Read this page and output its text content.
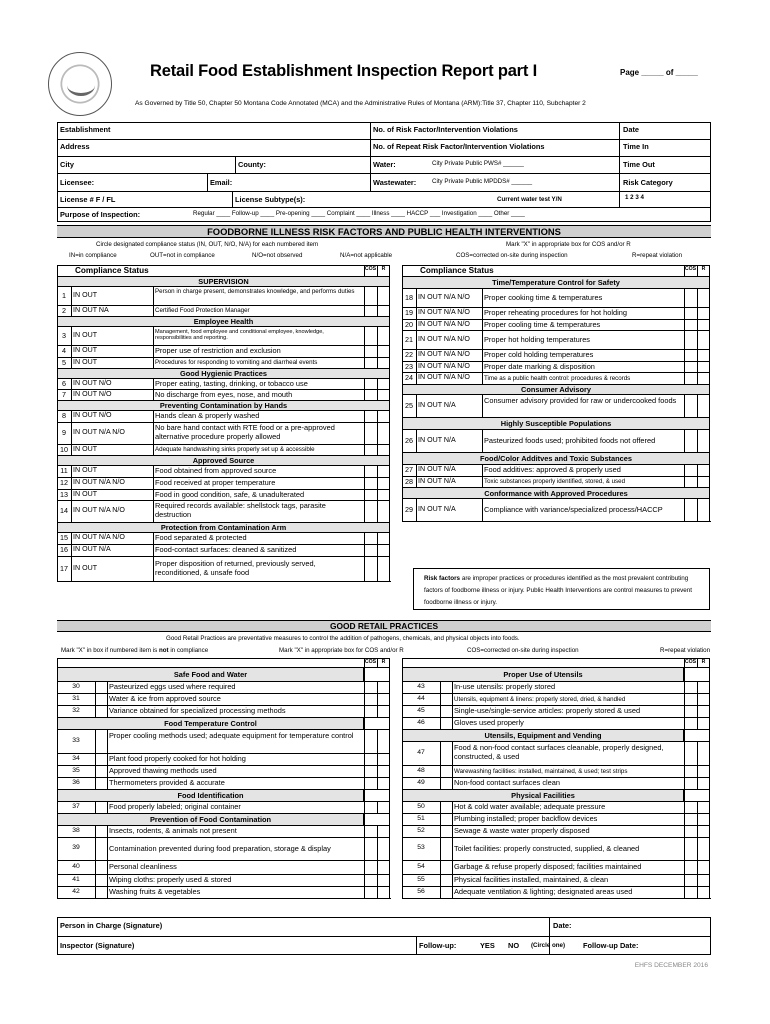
Retail Food Establishment Inspection Report part I	Page _____ of _____
As Governed by Title 50, Chapter 50 Montana Code Annotated (MCA) and the Administrative Rules of Montana (ARM):Title 37, Chapter 110, Subchapter 2
Establishment	No. of Risk Factor/Intervention Violations	Date
Address	No. of Repeat Risk Factor/Intervention Violations	Time In
City	County:	Water:	City Private Public PWS# ______	Time Out
Licensee:	Email:	Wastewater:	City Private Public MPDDS# ______	Risk Category
1 2 3 4
License # F / FL	License Subtype(s):	Current water test Y/N
Purpose of Inspection:	Regular ____ Follow-up ____ Pre-opening ____ Complaint ____ Illness ____ HACCP ___ Investigation ____ Other ____
FOODBORNE ILLNESS RISK FACTORS AND PUBLIC HEALTH INTERVENTIONS
Circle designated compliance status (IN, OUT, N/O, N/A) for each numbered item	Mark "X" in appropriate box for COS and/or R
IN=in compliance	OUT=not in compliance	N/O=not observed	N/A=not applicable	COS=corrected on-site during inspection	R=repeat violation
Compliance Status	COS	R
SUPERVISION
1 IN OUT	Person in charge present, demonstrates knowledge, and performs duties
2 IN OUT NA	Certified Food Protection Manager
Employee Health
3 IN OUT	Management, food employee and conditional employee, knowledge, responsibilities and reporting.
4 IN OUT	Proper use of restriction and exclusion
5 IN OUT	Procedures for responding to vomiting and diarrheal events
Good Hygienic Practices
6 IN OUT N/O	Proper eating, tasting, drinking, or tobacco use
7 IN OUT N/O	No discharge from eyes, nose, and mouth
Preventing Contamination by Hands
8 IN OUT N/O	Hands clean & properly washed
9 IN OUT N/A N/O	No bare hand contact with RTE food or a pre-approved alternative procedure properly allowed
10 IN OUT	Adequate handwashing sinks properly set up & accessible
Approved Source
11 IN OUT	Food obtained from approved source
12 IN OUT N/A N/O	Food received at proper temperature
13 IN OUT	Food in good condition, safe, & unadulterated
14 IN OUT N/A N/O	Required records available: shellstock tags, parasite destruction
Protection from Contamination Arm
15 IN OUT N/A N/O	Food separated & protected
16 IN OUT N/A	Food-contact surfaces: cleaned & sanitized
17 IN OUT	Proper disposition of returned, previously served, reconditioned, & unsafe food
Compliance Status	COS	R
Time/Temperature Control for Safety
18 IN OUT N/A N/O Proper cooking time & temperatures
19 IN OUT N/A N/O Proper reheating procedures for hot holding
20 IN OUT N/A N/O Proper cooling time & temperatures
21 IN OUT N/A N/O Proper hot holding temperatures
22 IN OUT N/A N/O Proper cold holding temperatures
23 IN OUT N/A N/O Proper date marking & disposition
24 IN OUT N/A N/O Time as a public health control: procedures & records
Consumer Advisory
25 IN OUT N/A	Consumer advisory provided for raw or undercooked foods
Highly Susceptible Populations
26 IN OUT N/A	Pasteurized foods used; prohibited foods not offered
Food/Color Additves and Toxic Substances
27 IN OUT N/A	Food additives: approved & properly used
28 IN OUT N/A	Toxic substances properly identified, stored, & used
Conformance with Approved Procedures
29 IN OUT N/A	Compliance with variance/specialized process/HACCP
Risk factors are improper practices or procedures identified as the most prevalent contributing factors of foodborne illness or injury. Public Health Interventions are control measures to prevent foodborne illness or injury.
GOOD RETAIL PRACTICES
Good Retail Practices are preventative measures to control the addition of pathogens, chemicals, and physical objects into foods.
Mark "X" in box if numbered item is not in compliance	Mark "X" in appropriate box for COS and/or R	COS=corrected on-site during inspection	R=repeat violation
COS	R
Safe Food and Water
30	Pasteurized eggs used where required
31	Water & ice from approved source
32	Variance obtained for specialized processing methods
Food Temperature Control
33	Proper cooling methods used; adequate equipment for temperature control
34	Plant food properly cooked for hot holding
35	Approved thawing methods used
36	Thermometers provided & accurate
Food Identification
37	Food properly labeled; original container
Prevention of Food Contamination
38	Insects, rodents, & animals not present
39	Contamination prevented during food preparation, storage & display
40	Personal cleanliness
41	Wiping cloths: properly used & stored
42	Washing fruits & vegetables
COS	R
Proper Use of Utensils
43	In-use utensils: properly stored
44	Utensils, equipment & linens: properly stored, dried, & handled
45	Single-use/single-service articles: properly stored & used
46	Gloves used properly
Utensils, Equipment and Vending
47	Food & non-food contact surfaces cleanable, properly designed, constructed, & used
48	Warewashing facilities: installed, maintained, & used; test strips
49	Non-food contact surfaces clean
Physical Facilities
50	Hot & cold water available; adequate pressure
51	Plumbing installed; proper backflow devices
52	Sewage & waste water properly disposed
53	Toilet facilities: properly constructed, supplied, & cleaned
54	Garbage & refuse properly disposed; facilities maintained
55	Physical facilities installed, maintained, & clean
56	Adequate ventilation & lighting; designated areas used
Person in Charge (Signature)	Date:
Inspector (Signature)	Follow-up:	YES NO (Circle one) Follow-up Date:
EHFS DECEMBER 2016
